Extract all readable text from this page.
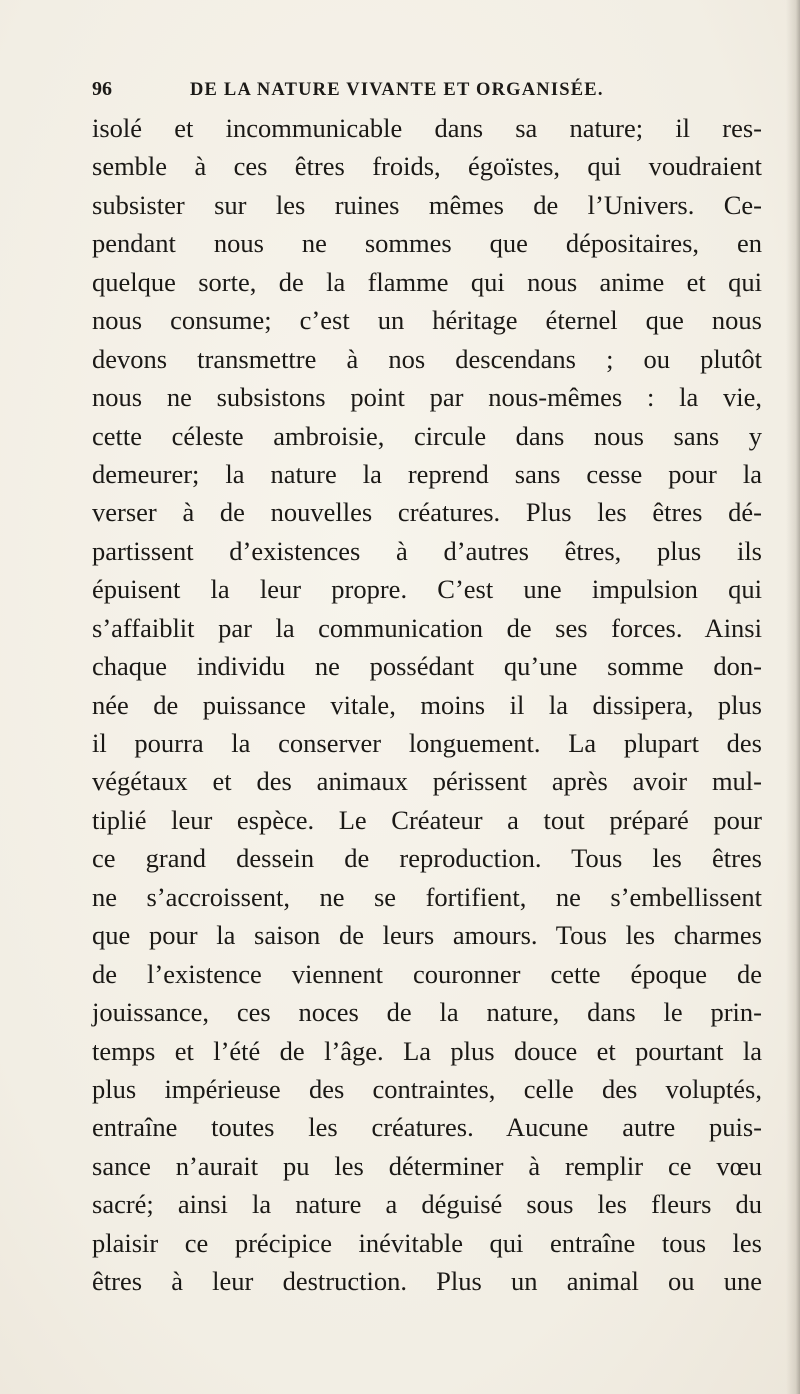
96	DE LA NATURE VIVANTE ET ORGANISÉE.
isolé et incommunicable dans sa nature; il res-
semble à ces êtres froids, égoïstes, qui voudraient
subsister sur les ruines mêmes de l’Univers. Ce-
pendant nous ne sommes que dépositaires, en
quelque sorte, de la flamme qui nous anime et qui
nous consume; c’est un héritage éternel que nous
devons transmettre à nos descendans ; ou plutôt
nous ne subsistons point par nous-mêmes : la vie,
cette céleste ambroisie, circule dans nous sans y
demeurer; la nature la reprend sans cesse pour la
verser à de nouvelles créatures. Plus les êtres dé-
partissent d’existences à d’autres êtres, plus ils
épuisent la leur propre. C’est une impulsion qui
s’affaiblit par la communication de ses forces. Ainsi
chaque individu ne possédant qu’une somme don-
née de puissance vitale, moins il la dissipera, plus
il pourra la conserver longuement. La plupart des
végétaux et des animaux périssent après avoir mul-
tiplié leur espèce. Le Créateur a tout préparé pour
ce grand dessein de reproduction. Tous les êtres
ne s’accroissent, ne se fortifient, ne s’embellissent
que pour la saison de leurs amours. Tous les charmes
de l’existence viennent couronner cette époque de
jouissance, ces noces de la nature, dans le prin-
temps et l’été de l’âge. La plus douce et pourtant la
plus impérieuse des contraintes, celle des voluptés,
entraîne toutes les créatures. Aucune autre puis-
sance n’aurait pu les déterminer à remplir ce vœu
sacré; ainsi la nature a déguisé sous les fleurs du
plaisir ce précipice inévitable qui entraîne tous les
êtres à leur destruction. Plus un animal ou une
